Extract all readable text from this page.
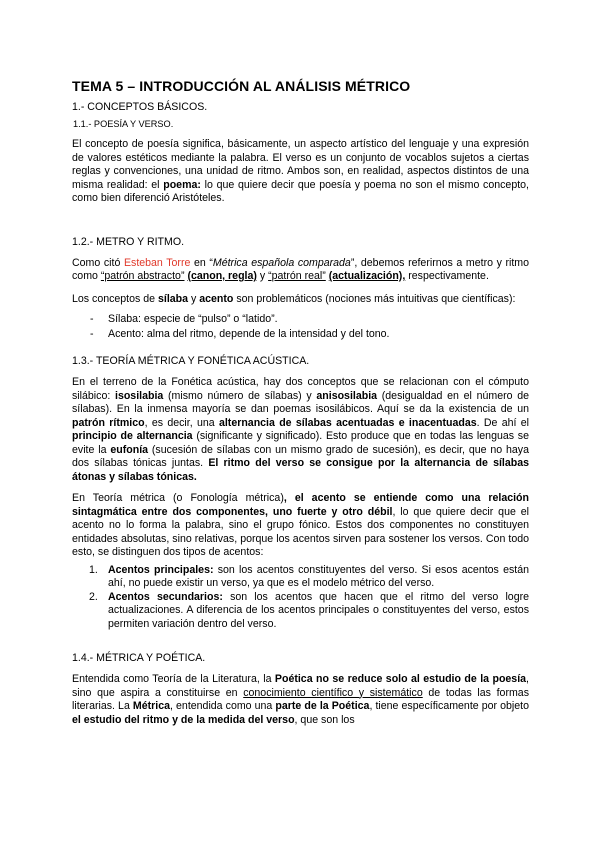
TEMA 5 – INTRODUCCIÓN AL ANÁLISIS MÉTRICO
1.- CONCEPTOS BÁSICOS.
1.1.- POESÍA Y VERSO.

El concepto de poesía significa, básicamente, un aspecto artístico del lenguaje y una expresión de valores estéticos mediante la palabra. El verso es un conjunto de vocablos sujetos a ciertas reglas y convenciones, una unidad de ritmo. Ambos son, en realidad, aspectos distintos de una misma realidad: el poema: lo que quiere decir que poesía y poema no son el mismo concepto, como bien diferenció Aristóteles.

1.2.- METRO Y RITMO.

Como citó Esteban Torre en “Métrica española comparada”, debemos referirnos a metro y ritmo como “patrón abstracto” (canon, regla) y “patrón real” (actualización), respectivamente.

Los conceptos de sílaba y acento son problemáticos (nociones más intuitivas que científicas):

- Sílaba: especie de “pulso” o “latido”.
- Acento: alma del ritmo, depende de la intensidad y del tono.
1.3.- TEORÍA MÉTRICA Y FONÉTICA ACÚSTICA.

En el terreno de la Fonética acústica, hay dos conceptos que se relacionan con el cómputo silábico: isosilabia (mismo número de sílabas) y anisosilabia (desigualdad en el número de sílabas). En la inmensa mayoría se dan poemas isosilábicos. Aquí se da la existencia de un patrón rítmico, es decir, una alternancia de sílabas acentuadas e inacentuadas. De ahí el principio de alternancia (significante y significado). Esto produce que en todas las lenguas se evite la eufonía (sucesión de sílabas con un mismo grado de sucesión), es decir, que no haya dos sílabas tónicas juntas. El ritmo del verso se consigue por la alternancia de sílabas átonas y sílabas tónicas.

En Teoría métrica (o Fonología métrica), el acento se entiende como una relación sintagmática entre dos componentes, uno fuerte y otro débil, lo que quiere decir que el acento no lo forma la palabra, sino el grupo fónico. Estos dos componentes no constituyen entidades absolutas, sino relativas, porque los acentos sirven para sostener los versos. Con todo esto, se distinguen dos tipos de acentos:

1. Acentos principales: son los acentos constituyentes del verso. Si esos acentos están ahí, no puede existir un verso, ya que es el modelo métrico del verso.
2. Acentos secundarios: son los acentos que hacen que el ritmo del verso logre actualizaciones. A diferencia de los acentos principales o constituyentes del verso, estos permiten variación dentro del verso.
1.4.- MÉTRICA Y POÉTICA.

Entendida como Teoría de la Literatura, la Poética no se reduce solo al estudio de la poesía, sino que aspira a constituirse en conocimiento científico y sistemático de todas las formas literarias. La Métrica, entendida como una parte de la Poética, tiene específicamente por objeto el estudio del ritmo y de la medida del verso, que son los
